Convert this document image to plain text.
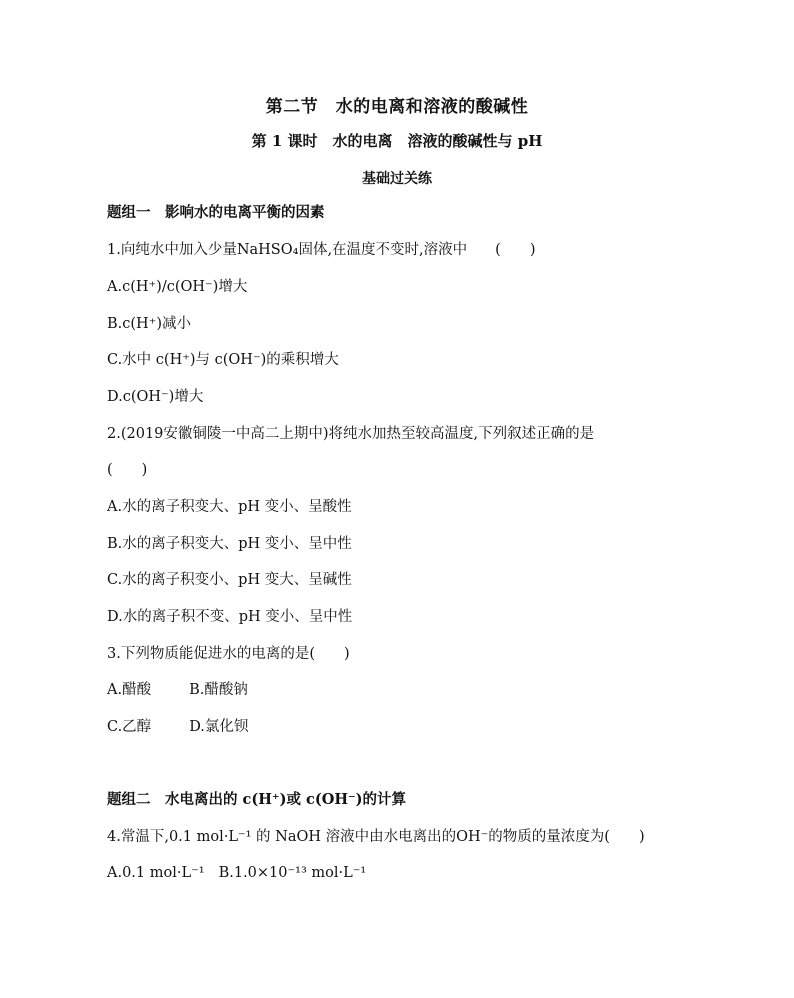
第二节　水的电离和溶液的酸碱性
第 1 课时　水的电离　溶液的酸碱性与 pH
基础过关练
题组一　影响水的电离平衡的因素
1.向纯水中加入少量NaHSO₄固体,在温度不变时,溶液中 (　　)
A.c(H⁺)/c(OH⁻)增大
B.c(H⁺)减小
C.水中 c(H⁺)与 c(OH⁻)的乘积增大
D.c(OH⁻)增大
2.(2019安徽铜陵一中高二上期中)将纯水加热至较高温度,下列叙述正确的是
(　　)
A.水的离子积变大、pH 变小、呈酸性
B.水的离子积变大、pH 变小、呈中性
C.水的离子积变小、pH 变大、呈碱性
D.水的离子积不变、pH 变小、呈中性
3.下列物质能促进水的电离的是(　　)
A.醋酸	B.醋酸钠
C.乙醇	D.氯化钡
题组二　水电离出的 c(H⁺)或 c(OH⁻)的计算
4.常温下,0.1 mol·L⁻¹ 的 NaOH 溶液中由水电离出的OH⁻的物质的量浓度为(　　)
A.0.1 mol·L⁻¹ B.1.0×10⁻¹³ mol·L⁻¹
